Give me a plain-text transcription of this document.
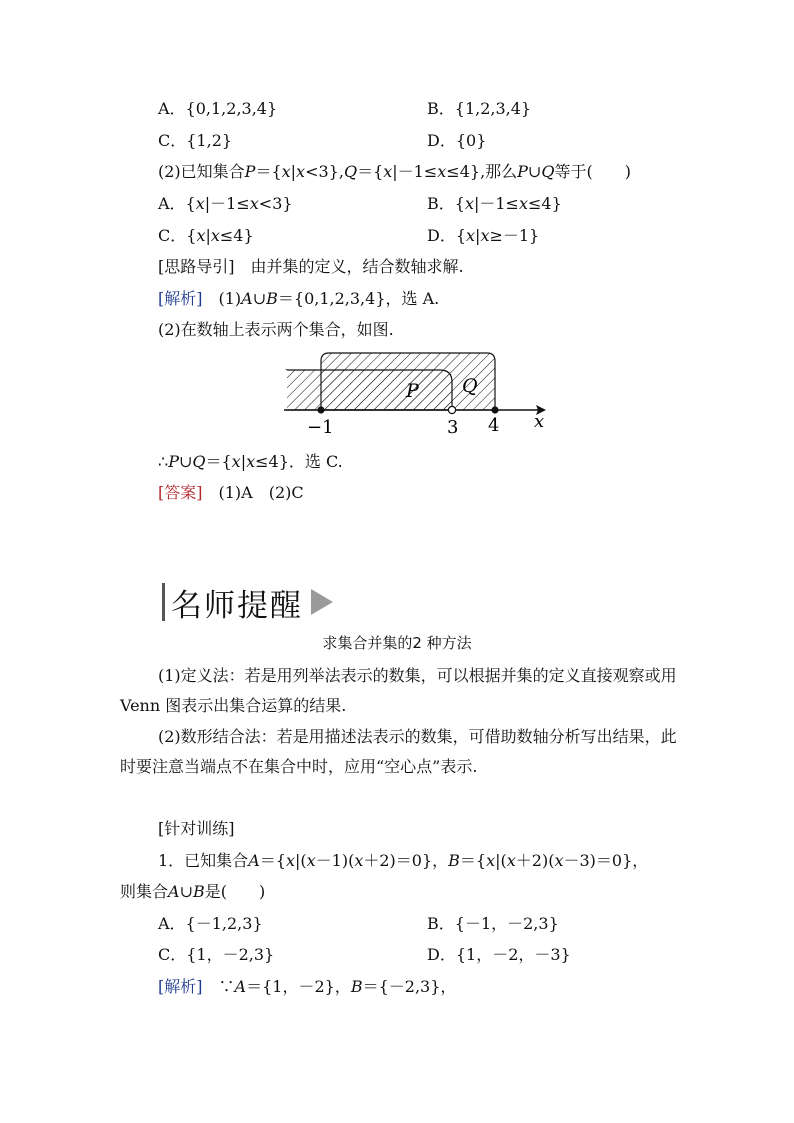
A．{0,1,2,3,4}	B．{1,2,3,4}
C．{1,2}	D．{0}
(2)已知集合P＝{x|x<3},Q＝{x|－1≤x≤4},那么P∪Q等于(　　)
A．{x|－1≤x<3}	B．{x|－1≤x≤4}
C．{x|x≤4}	D．{x|x≥－1}
[思路导引]　由并集的定义，结合数轴求解.
[解析]　(1)A∪B＝{0,1,2,3,4}，选 A.
(2)在数轴上表示两个集合，如图.
P Q
−1	3 4 x
∴P∪Q＝{x|x≤4}．选 C.
[答案]　(1)A　(2)C
名师提醒
求集合并集的2 种方法
(1)定义法：若是用列举法表示的数集，可以根据并集的定义直接观察或用 Venn 图表示出集合运算的结果.
(2)数形结合法：若是用描述法表示的数集，可借助数轴分析写出结果，此时要注意当端点不在集合中时，应用“空心点”表示.
[针对训练]
1．已知集合A＝{x|(x－1)(x＋2)＝0}，B＝{x|(x＋2)(x－3)＝0}，
则集合A∪B是(　　)
A．{－1,2,3}	B．{－1，－2,3}
C．{1，－2,3}	D．{1，－2，－3}
[解析]　∵A＝{1，－2}，B＝{－2,3}，
